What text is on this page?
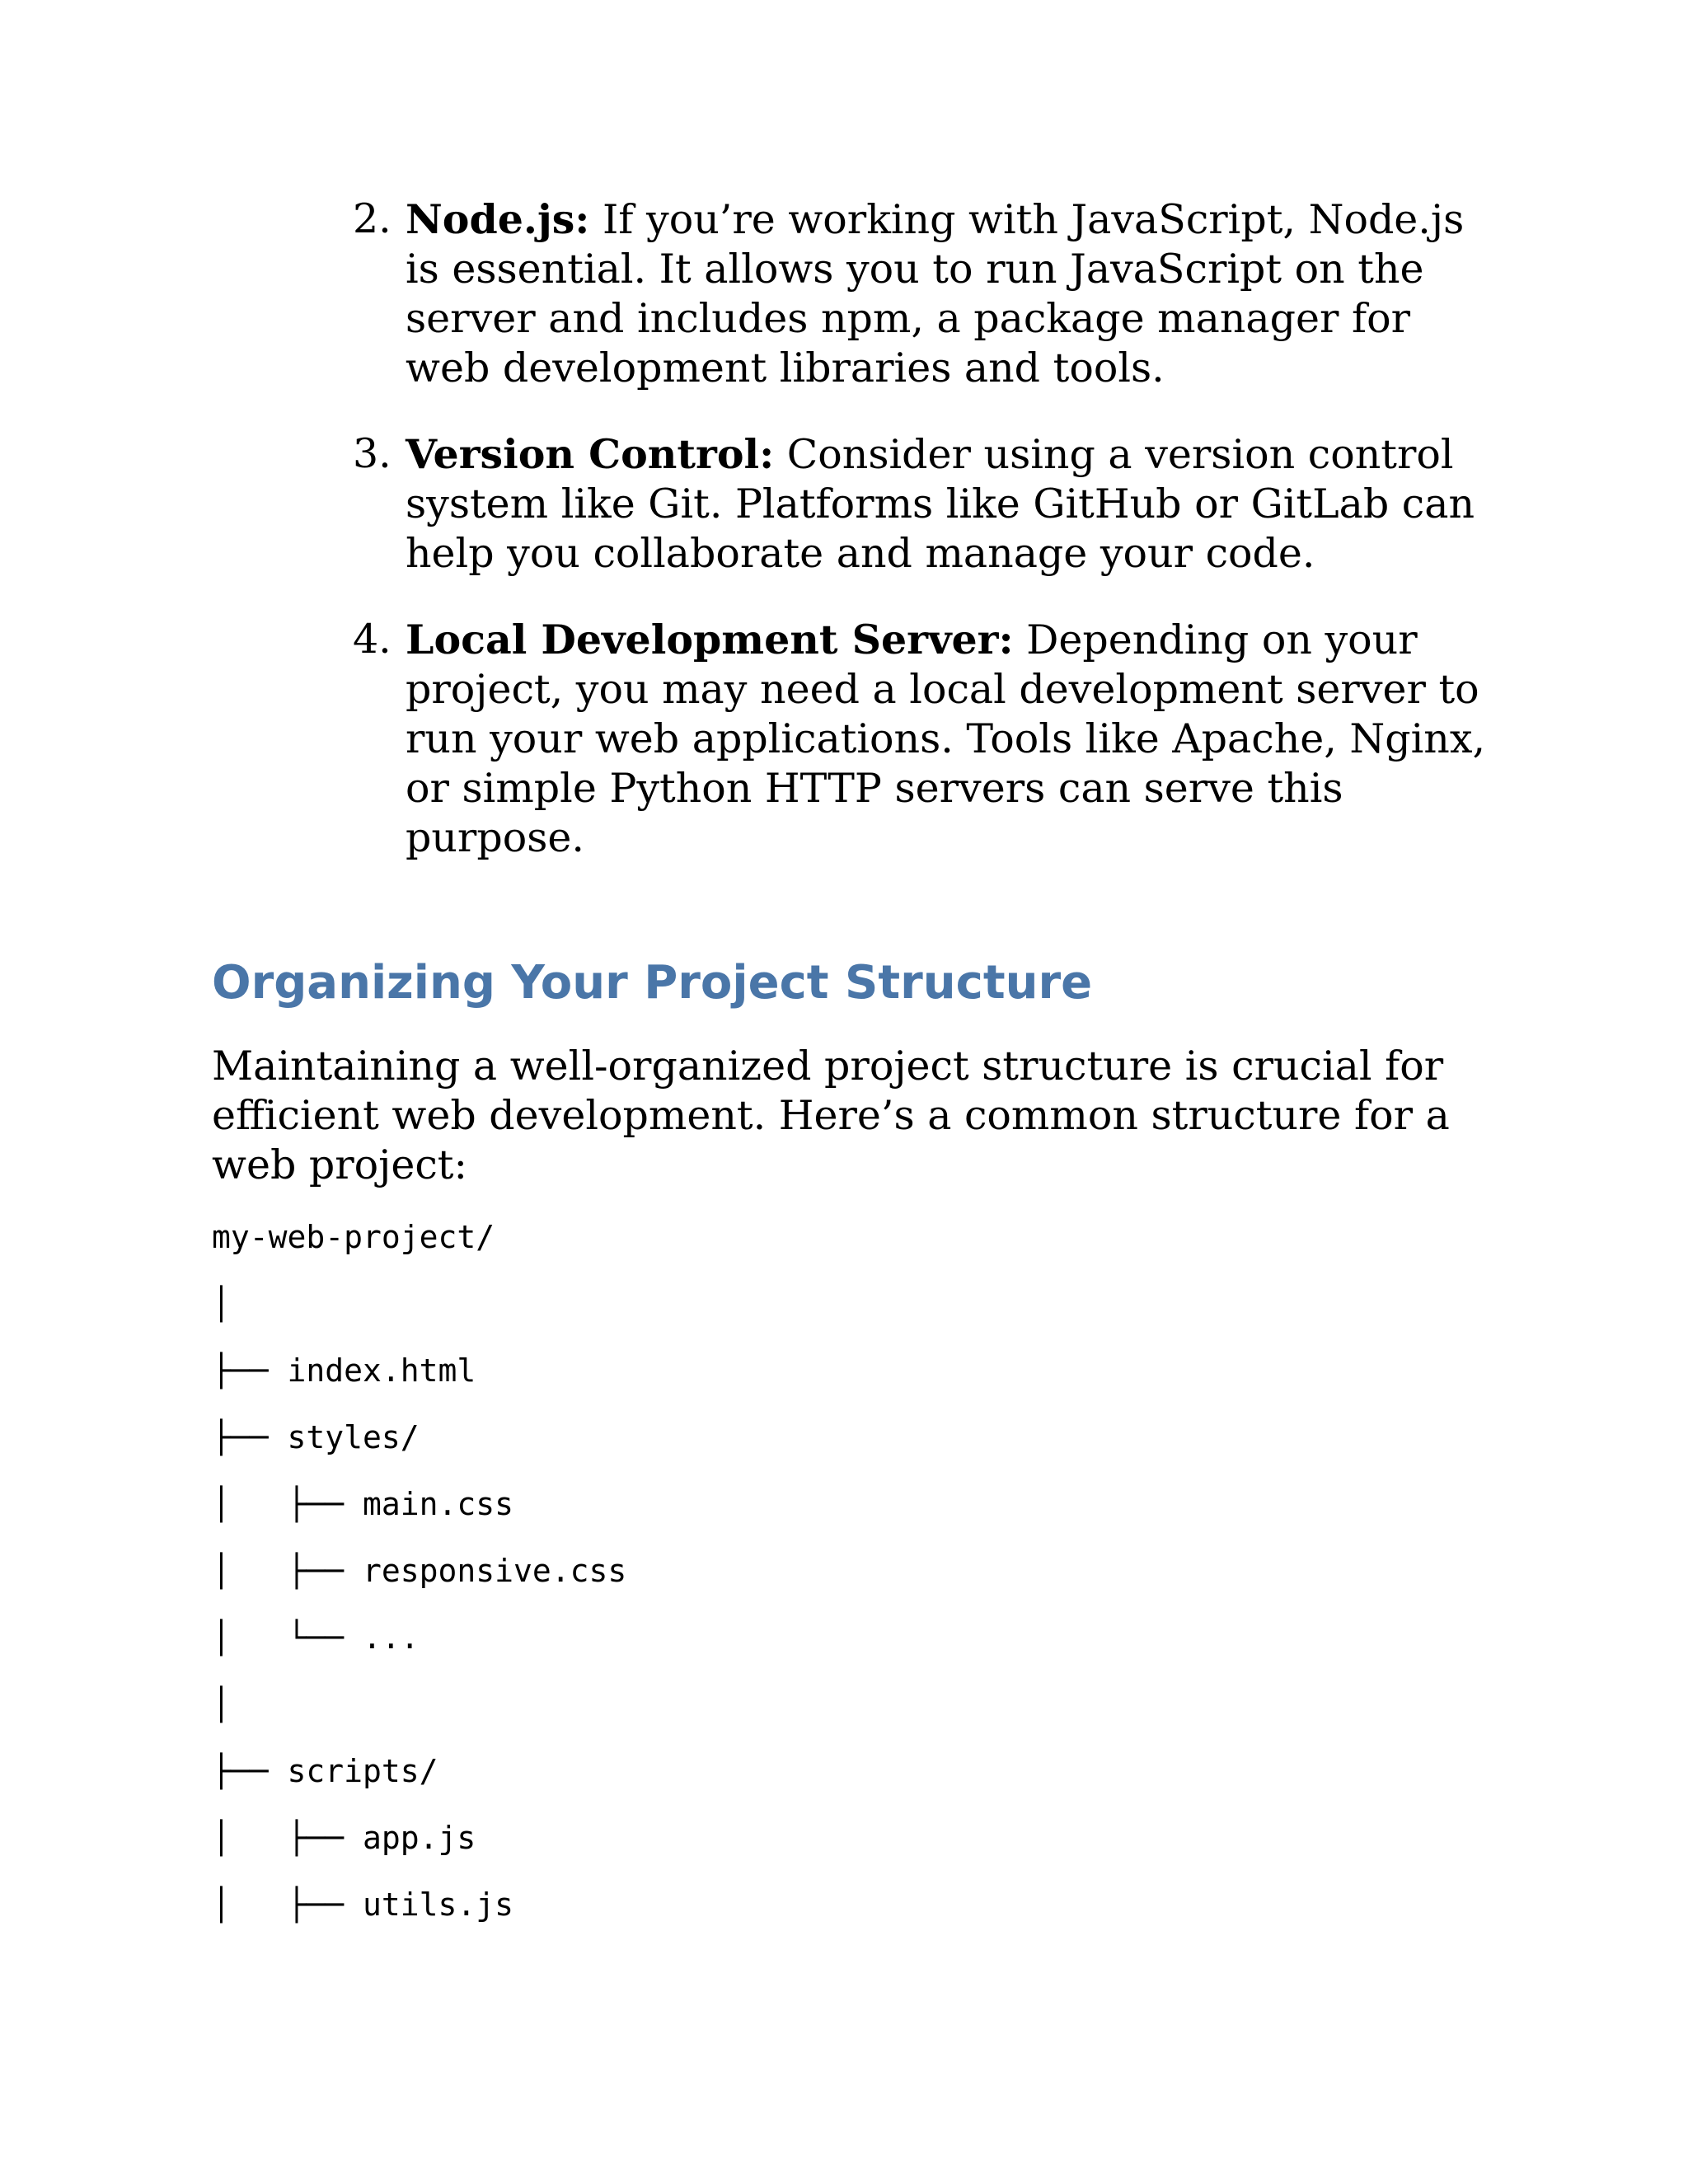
2. Node.js: If you’re working with JavaScript, Node.js is essential. It allows you to run JavaScript on the server and includes npm, a package manager for web development libraries and tools.
3. Version Control: Consider using a version control system like Git. Platforms like GitHub or GitLab can help you collaborate and manage your code.
4. Local Development Server: Depending on your project, you may need a local development server to run your web applications. Tools like Apache, Nginx, or simple Python HTTP servers can serve this purpose.
Organizing Your Project Structure

Maintaining a well-organized project structure is crucial for efficient web development. Here’s a common structure for a web project:

my-web-project/
│
├── index.html
├── styles/
│   ├── main.css
│   ├── responsive.css
│   └── ...
│
├── scripts/
│   ├── app.js
│   ├── utils.js
